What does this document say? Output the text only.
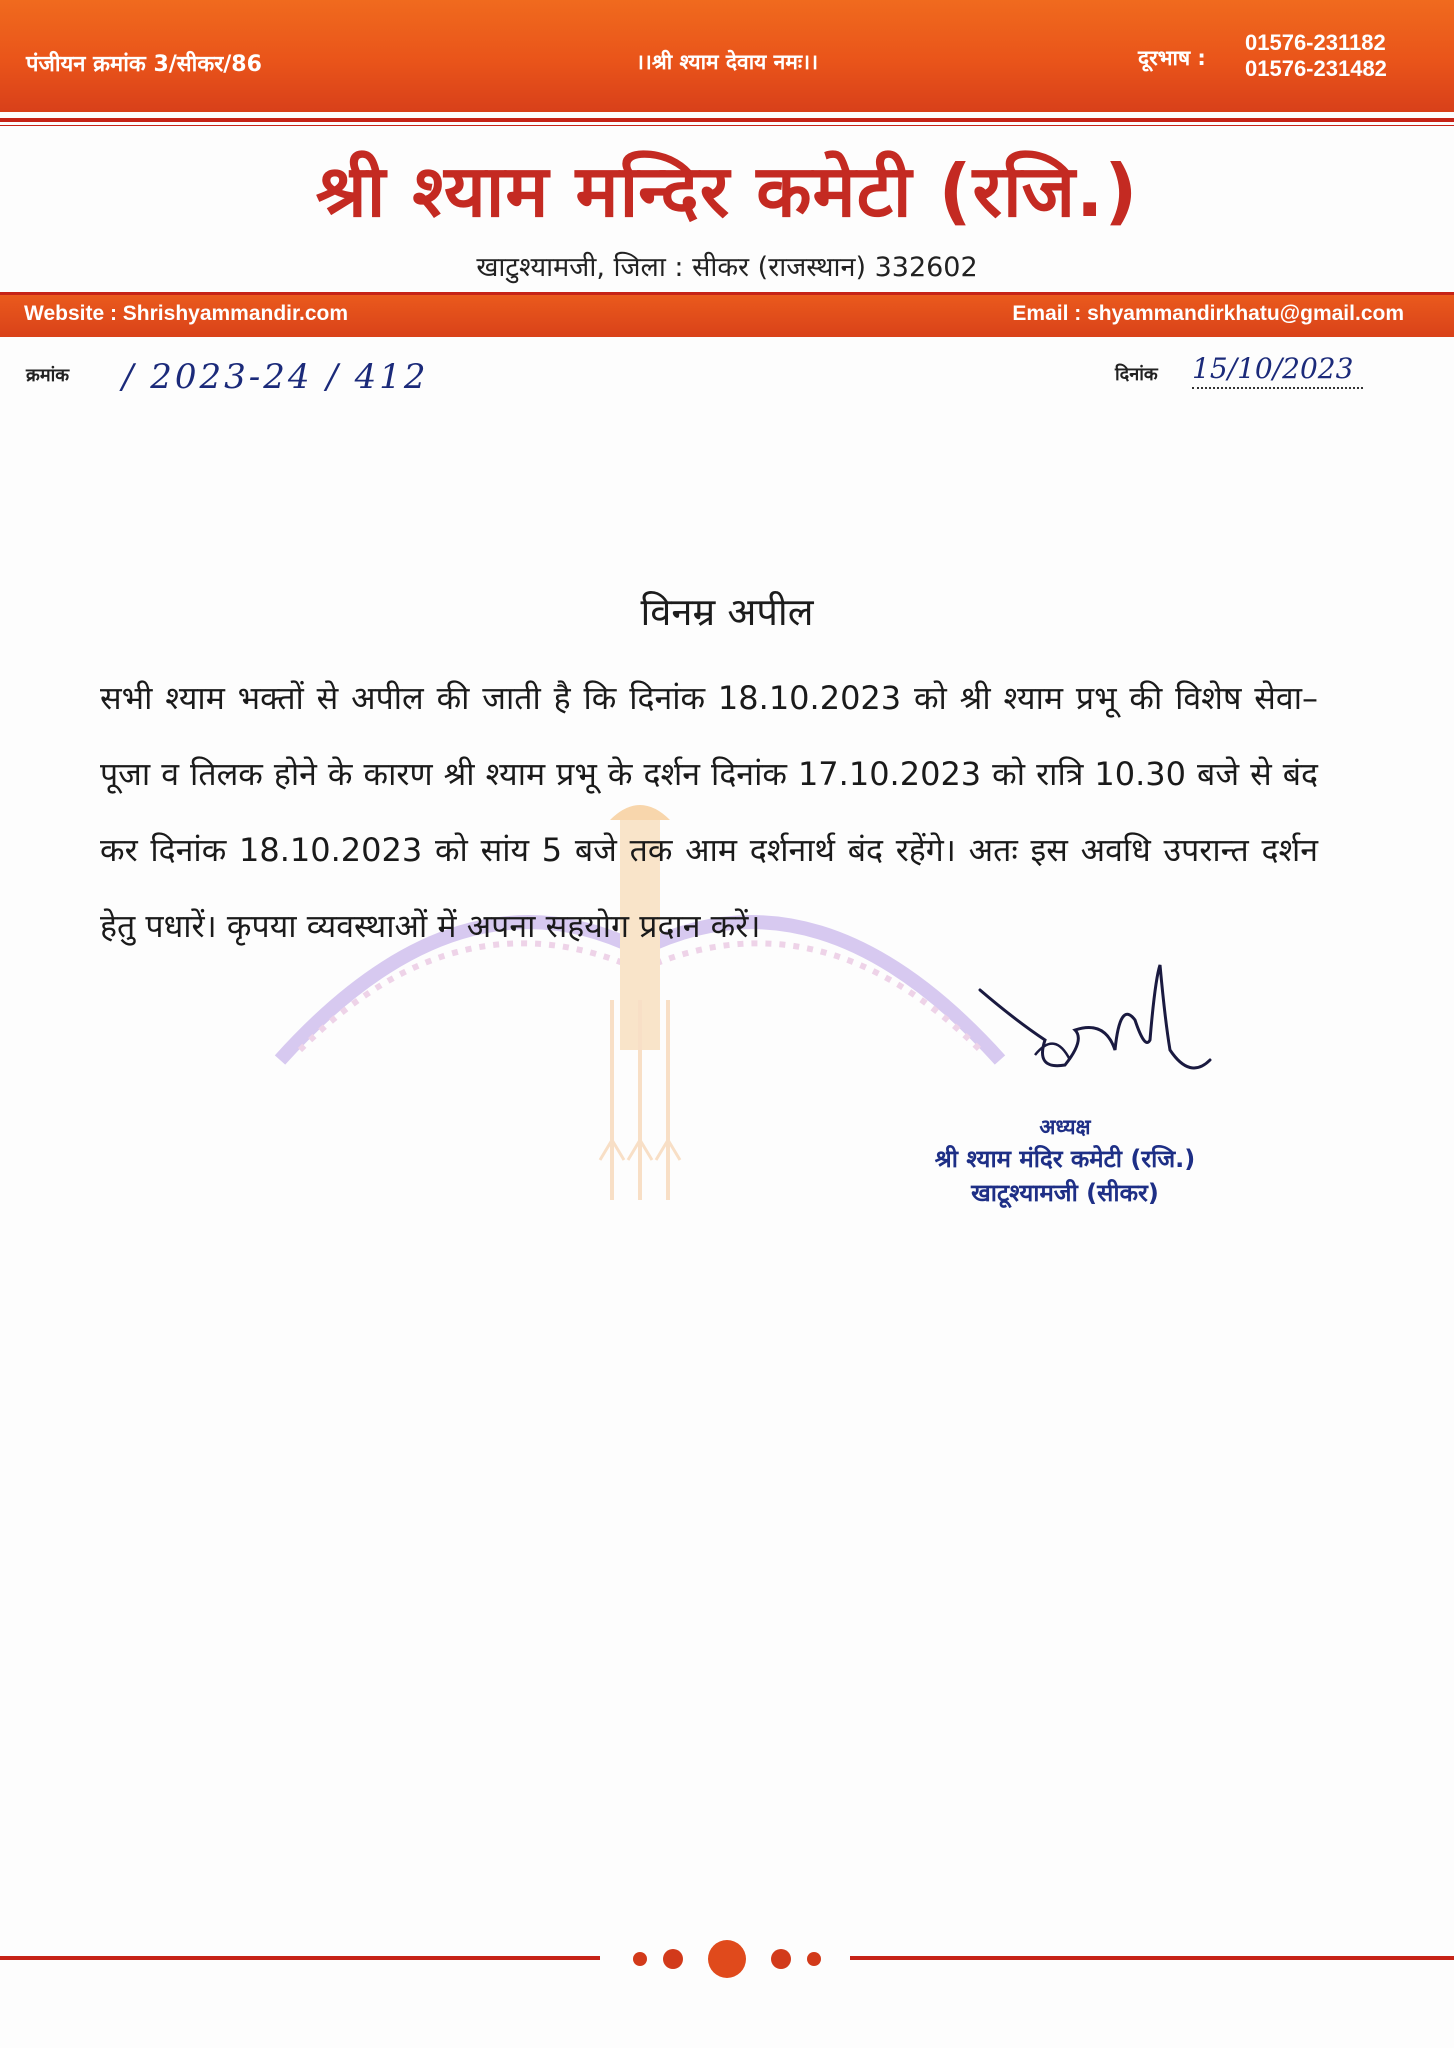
पंजीयन क्रमांक 3/सीकर/86	।।श्री श्याम देवाय नमः।।	दूरभाष :
01576-231182
01576-231482
श्री श्याम मन्दिर कमेटी (रजि.)
खाटुश्यामजी, जिला : सीकर (राजस्थान) 332602
Website : Shrishyammandir.com	Email : shyammandirkhatu@gmail.com
क्रमांक / 2023-24 / 412	दिनांक 15/10/2023
विनम्र अपील
सभी श्याम भक्तों से अपील की जाती है कि दिनांक 18.10.2023 को श्री श्याम प्रभू की विशेष सेवा–पूजा व तिलक होने के कारण श्री श्याम प्रभू के दर्शन दिनांक 17.10.2023 को रात्रि 10.30 बजे से बंद कर दिनांक 18.10.2023 को सांय 5 बजे तक आम दर्शनार्थ बंद रहेंगे। अतः इस अवधि उपरान्त दर्शन हेतु पधारें। कृपया व्यवस्थाओं में अपना सहयोग प्रदान करें।
अध्यक्ष
श्री श्याम मंदिर कमेटी (रजि.)
खाटूश्यामजी (सीकर)
